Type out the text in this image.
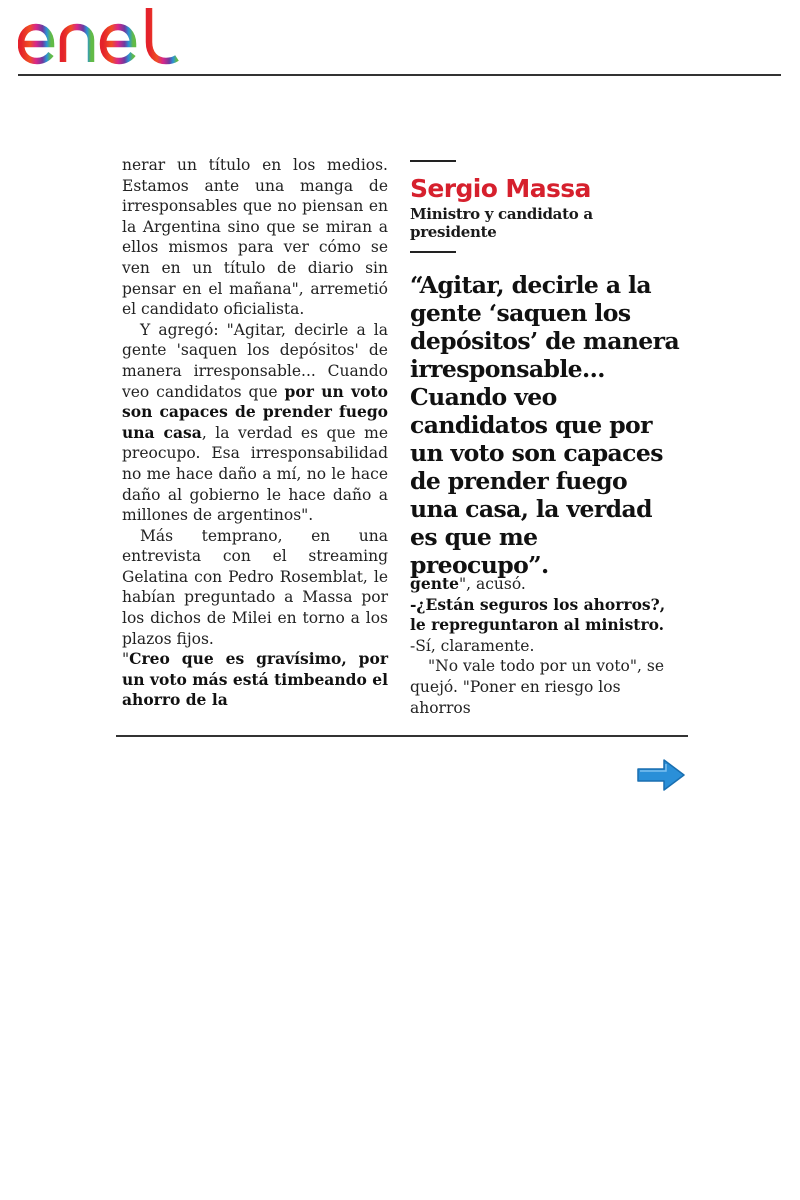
nerar un título en los medios. Estamos ante una manga de irresponsables que no piensan en la Argentina sino que se miran a ellos mismos para ver cómo se ven en un título de diario sin pensar en el mañana", arremetió el candidato oficialista.

Y agregó: "Agitar, decirle a la gente 'saquen los depósitos' de manera irresponsable... Cuando veo candidatos que por un voto son capaces de prender fuego una casa, la verdad es que me preocupo. Esa irresponsabilidad no me hace daño a mí, no le hace daño al gobierno le hace daño a millones de argentinos".

Más temprano, en una entrevista con el streaming Gelatina con Pedro Rosemblat, le habían preguntado a Massa por los dichos de Milei en torno a los plazos fijos.

"Creo que es gravísimo, por un voto más está timbeando el ahorro de la

Sergio Massa
Ministro y candidato a presidente
“Agitar, decirle a la gente ‘saquen los depósitos’ de manera irresponsable... Cuando veo candidatos que por un voto son capaces de prender fuego una casa, la verdad es que me preocupo”.

gente", acusó.

-¿Están seguros los ahorros?, le repreguntaron al ministro.

-Sí, claramente.

"No vale todo por un voto", se quejó. "Poner en riesgo los ahorros
